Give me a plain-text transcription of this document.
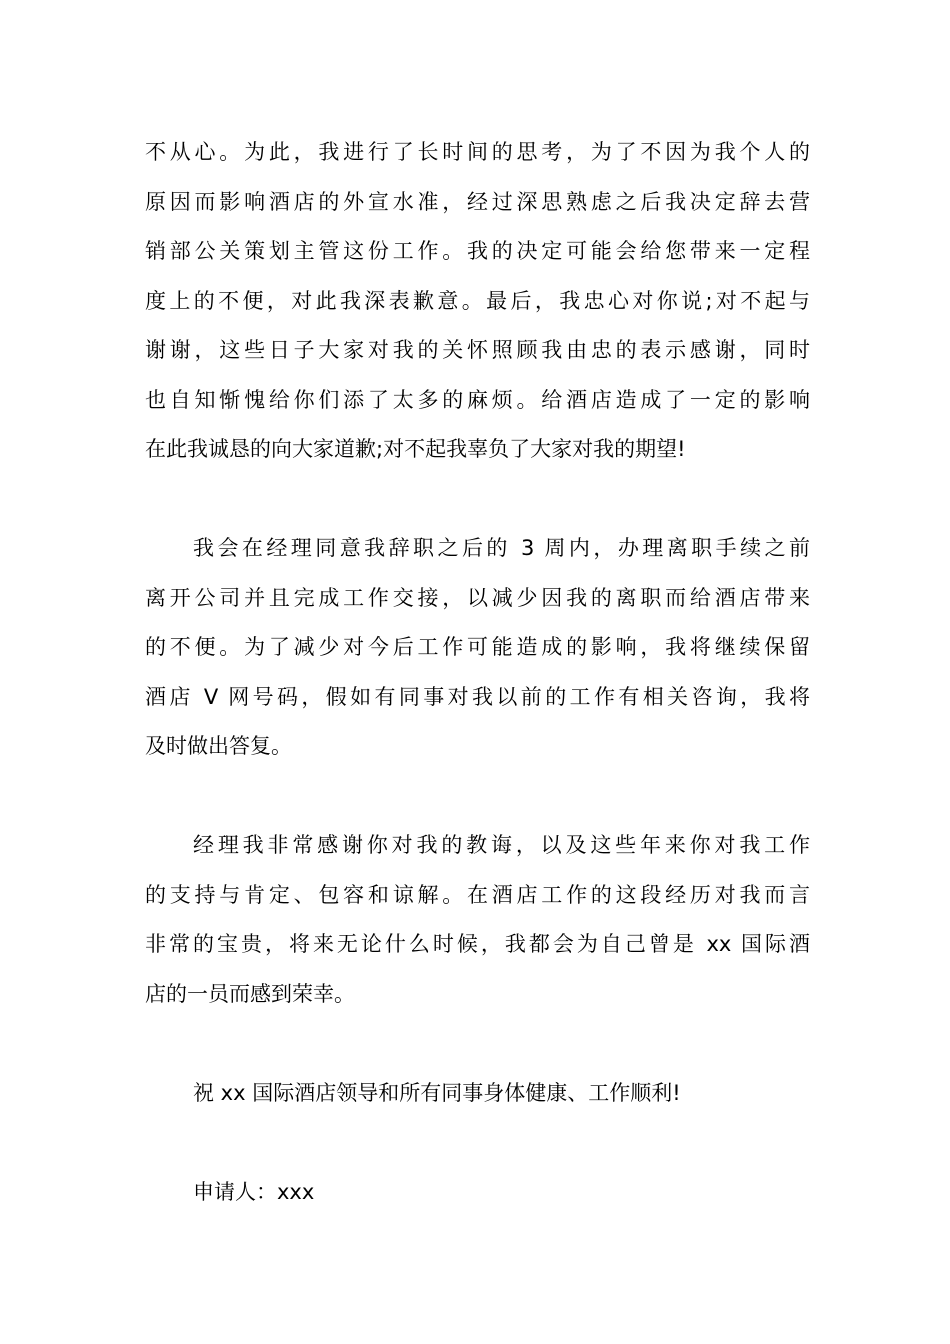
不从心。为此，我进行了长时间的思考，为了不因为我个人的
原因而影响酒店的外宣水准，经过深思熟虑之后我决定辞去营
销部公关策划主管这份工作。我的决定可能会给您带来一定程
度上的不便，对此我深表歉意。最后，我忠心对你说;对不起与
谢谢，这些日子大家对我的关怀照顾我由忠的表示感谢，同时
也自知惭愧给你们添了太多的麻烦。给酒店造成了一定的影响
在此我诚恳的向大家道歉;对不起我辜负了大家对我的期望!
我会在经理同意我辞职之后的 3 周内，办理离职手续之前
离开公司并且完成工作交接，以减少因我的离职而给酒店带来
的不便。为了减少对今后工作可能造成的影响，我将继续保留
酒店 V 网号码，假如有同事对我以前的工作有相关咨询，我将
及时做出答复。
经理我非常感谢你对我的教诲，以及这些年来你对我工作
的支持与肯定、包容和谅解。在酒店工作的这段经历对我而言
非常的宝贵，将来无论什么时候，我都会为自己曾是 xx 国际酒
店的一员而感到荣幸。
祝 xx 国际酒店领导和所有同事身体健康、工作顺利!
申请人：xxx
